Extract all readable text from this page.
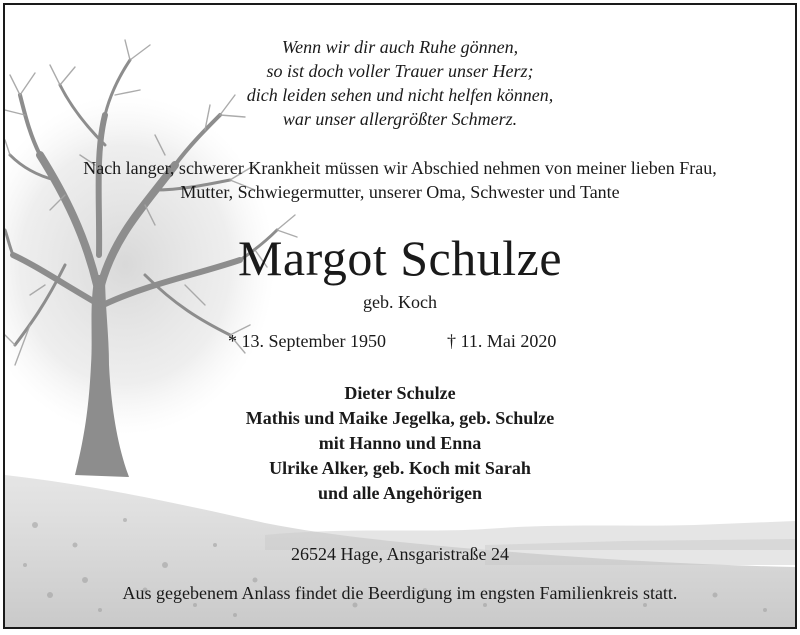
Wenn wir dir auch Ruhe gönnen,
so ist doch voller Trauer unser Herz;
dich leiden sehen und nicht helfen können,
war unser allergrößter Schmerz.
Nach langer, schwerer Krankheit müssen wir Abschied nehmen von meiner lieben Frau,
Mutter, Schwiegermutter, unserer Oma, Schwester und Tante
Margot Schulze
geb. Koch
* 13. September 1950	† 11. Mai 2020
Dieter Schulze
Mathis und Maike Jegelka, geb. Schulze
mit Hanno und Enna
Ulrike Alker, geb. Koch mit Sarah
und alle Angehörigen
26524 Hage, Ansgaristraße 24
Aus gegebenem Anlass findet die Beerdigung im engsten Familienkreis statt.
